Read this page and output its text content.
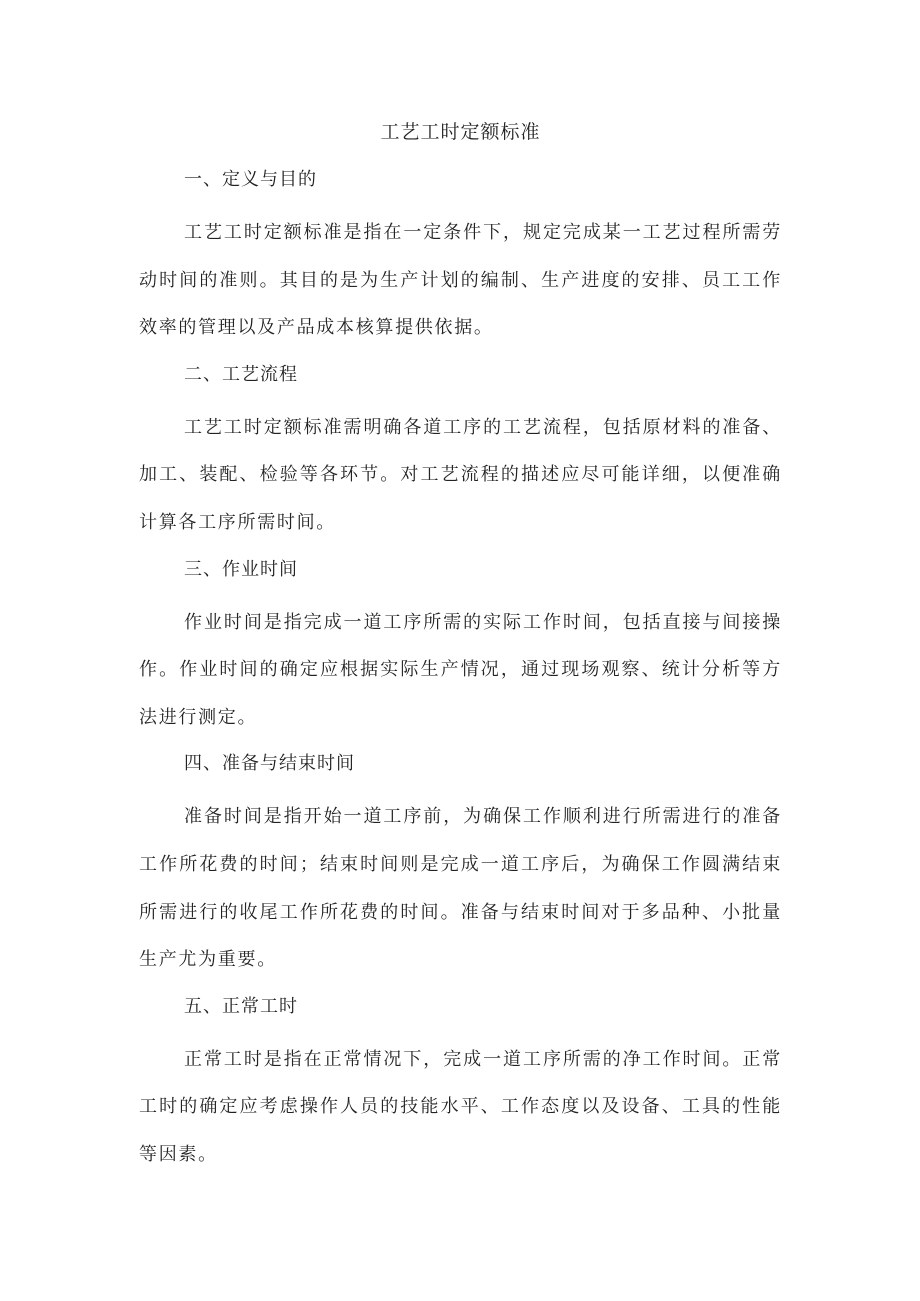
工艺工时定额标准
一、定义与目的

工艺工时定额标准是指在一定条件下，规定完成某一工艺过程所需劳动时间的准则。其目的是为生产计划的编制、生产进度的安排、员工工作效率的管理以及产品成本核算提供依据。

二、工艺流程

工艺工时定额标准需明确各道工序的工艺流程，包括原材料的准备、加工、装配、检验等各环节。对工艺流程的描述应尽可能详细，以便准确计算各工序所需时间。

三、作业时间

作业时间是指完成一道工序所需的实际工作时间，包括直接与间接操作。作业时间的确定应根据实际生产情况，通过现场观察、统计分析等方法进行测定。

四、准备与结束时间

准备时间是指开始一道工序前，为确保工作顺利进行所需进行的准备工作所花费的时间；结束时间则是完成一道工序后，为确保工作圆满结束所需进行的收尾工作所花费的时间。准备与结束时间对于多品种、小批量生产尤为重要。

五、正常工时

正常工时是指在正常情况下，完成一道工序所需的净工作时间。正常工时的确定应考虑操作人员的技能水平、工作态度以及设备、工具的性能等因素。
